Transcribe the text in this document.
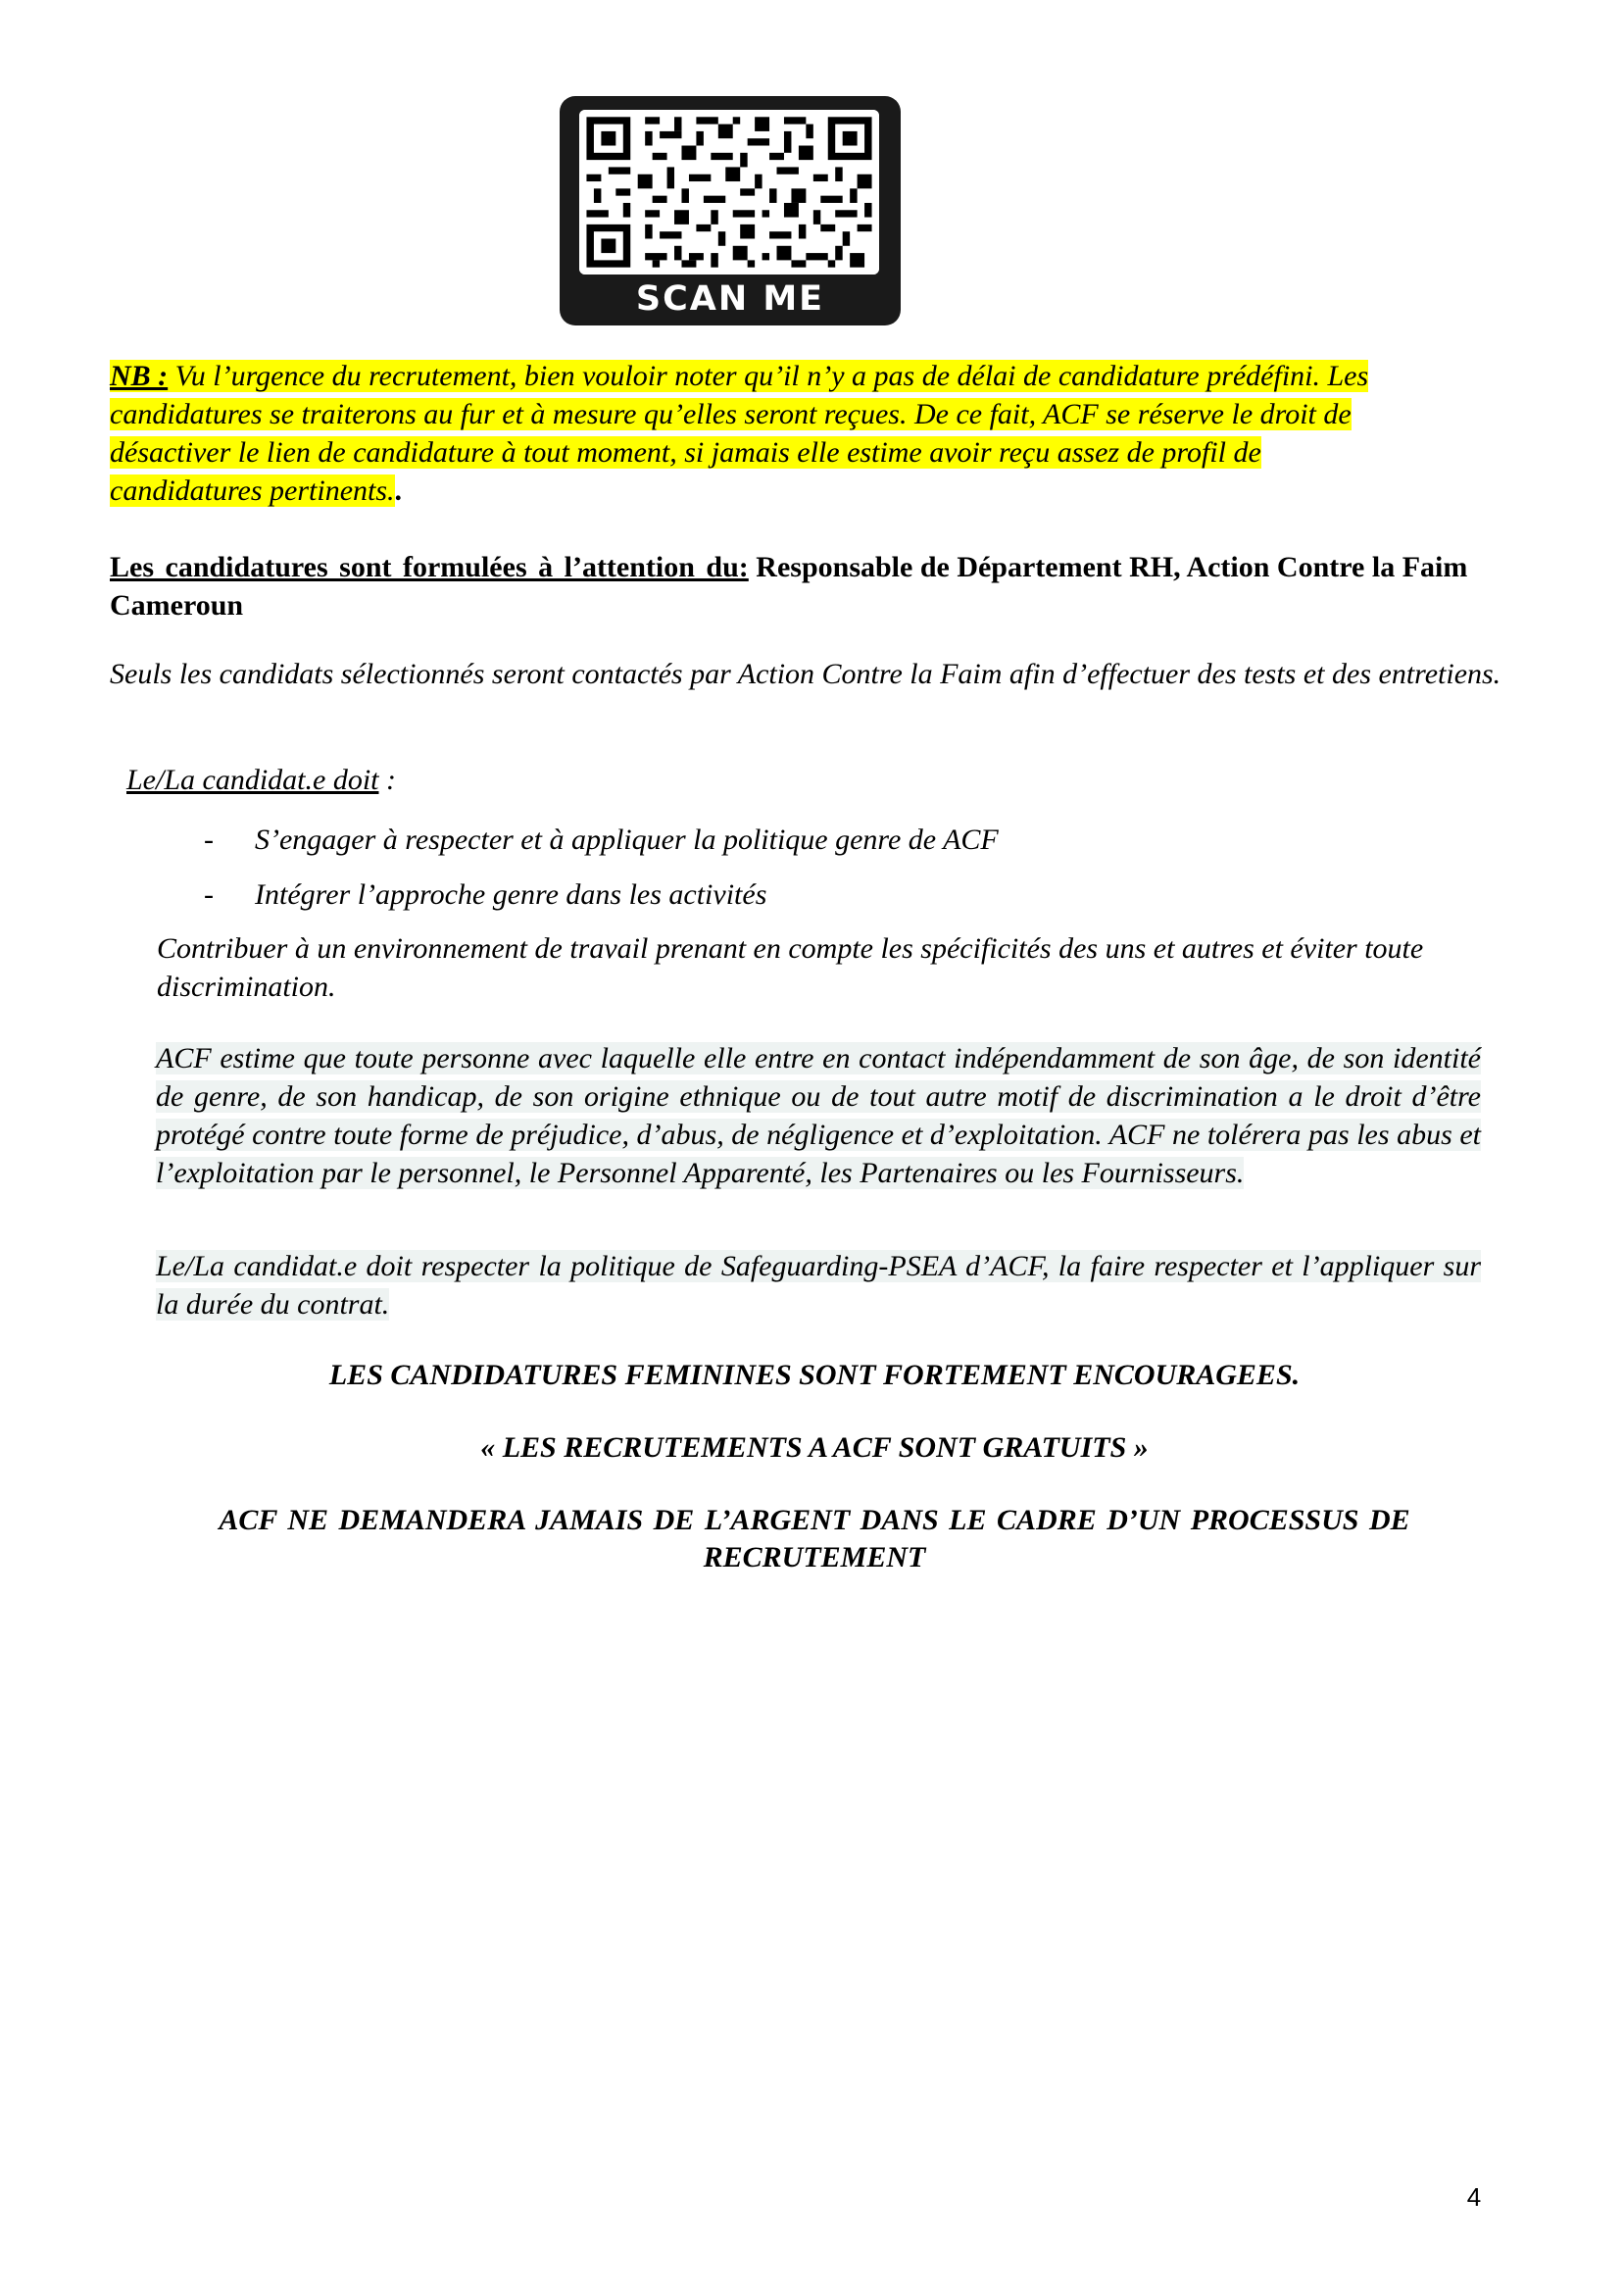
SCAN ME
NB : Vu l’urgence du recrutement, bien vouloir noter qu’il n’y a pas de délai de candidature prédéfini. Les
candidatures se traiterons au fur et à mesure qu’elles seront reçues. De ce fait, ACF se réserve le droit de
désactiver le lien de candidature à tout moment, si jamais elle estime avoir reçu assez de profil de
candidatures pertinents..
Les candidatures sont formulées à l’attention du: Responsable de Département RH, Action Contre la Faim Cameroun
Seuls les candidats sélectionnés seront contactés par Action Contre la Faim afin d’effectuer des tests et des entretiens.
Le/La candidat.e doit :
- S’engager à respecter et à appliquer la politique genre de ACF
- Intégrer l’approche genre dans les activités
Contribuer à un environnement de travail prenant en compte les spécificités des uns et autres et éviter toute discrimination.
ACF estime que toute personne avec laquelle elle entre en contact indépendamment de son âge, de son identité de genre, de son handicap, de son origine ethnique ou de tout autre motif de discrimination a le droit d’être protégé contre toute forme de préjudice, d’abus, de négligence et d’exploitation. ACF ne tolérera pas les abus et l’exploitation par le personnel, le Personnel Apparenté, les Partenaires ou les Fournisseurs.
Le/La candidat.e doit respecter la politique de Safeguarding-PSEA d’ACF, la faire respecter et l’appliquer sur la durée du contrat.
LES CANDIDATURES FEMININES SONT FORTEMENT ENCOURAGEES.
« LES RECRUTEMENTS A ACF SONT GRATUITS »
ACF NE DEMANDERA JAMAIS DE L’ARGENT DANS LE CADRE D’UN PROCESSUS DE RECRUTEMENT
4
